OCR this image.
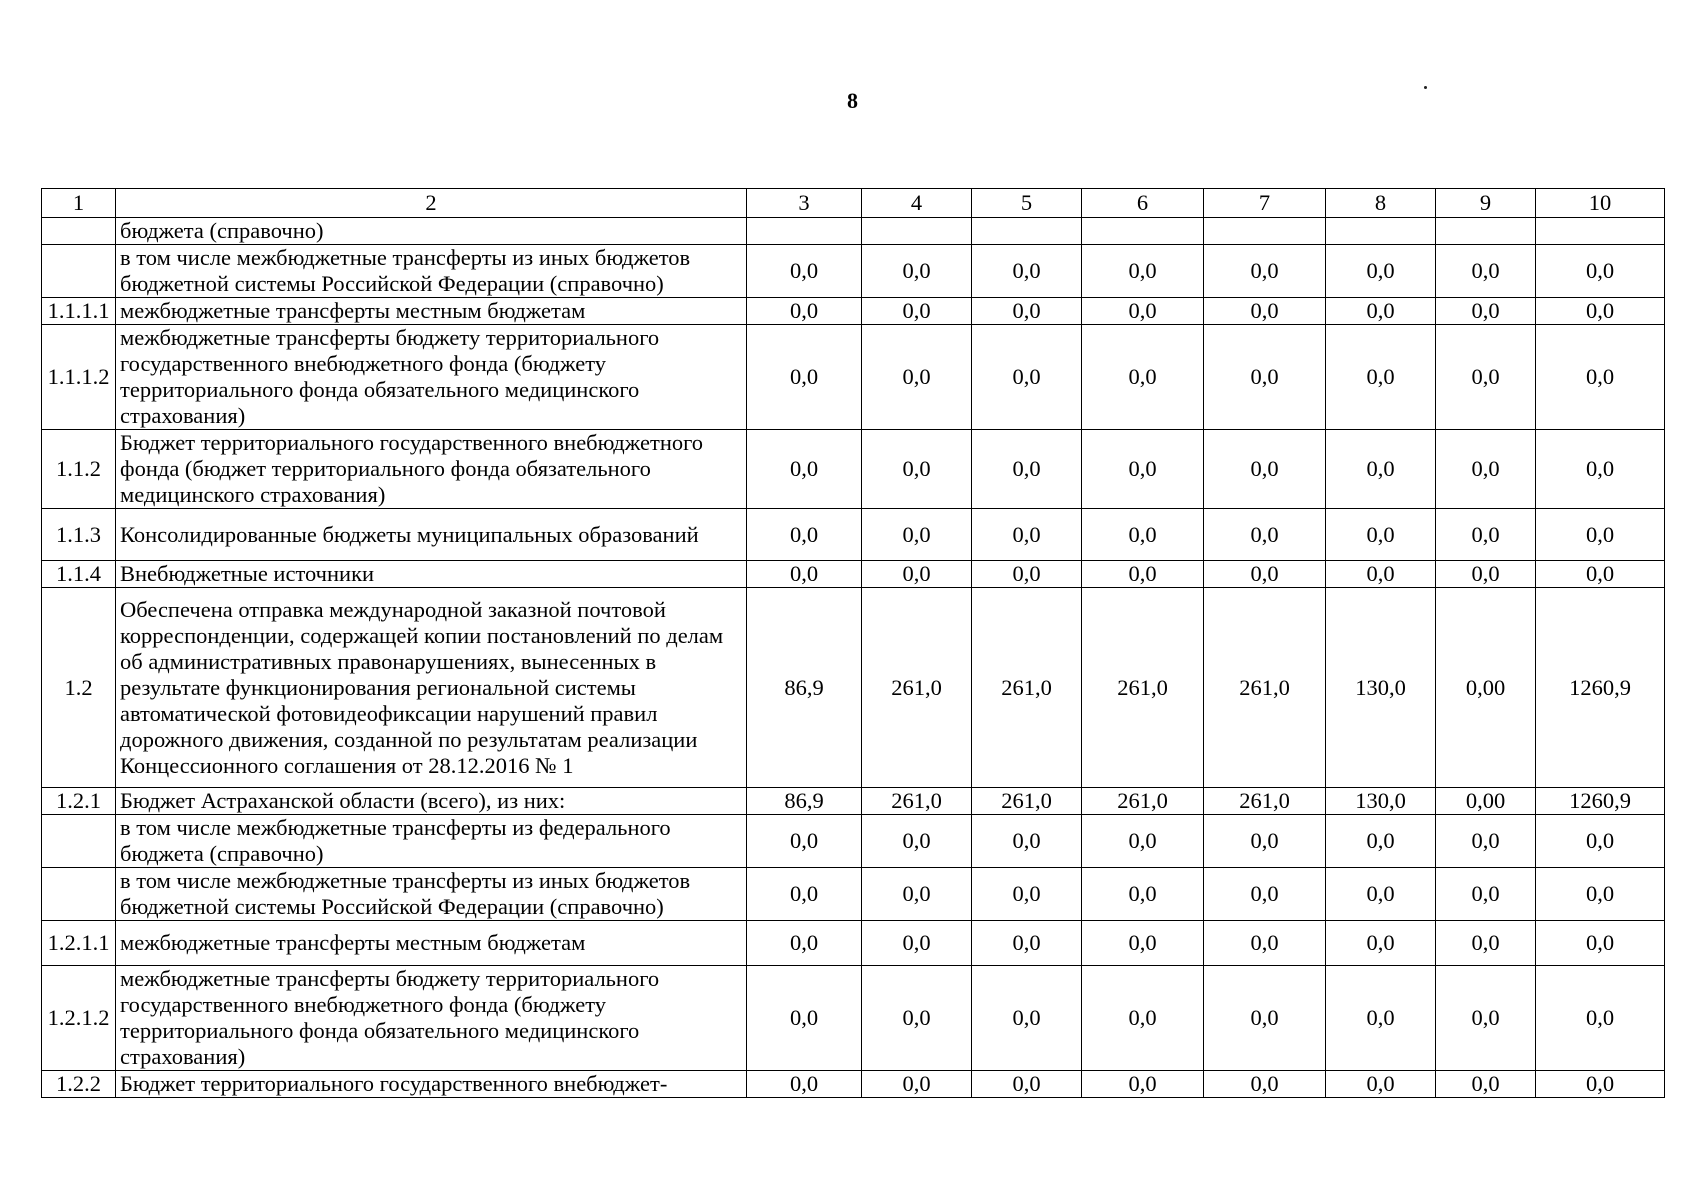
8
1	2	3	4	5	6	7	8	9	10
	бюджета (справочно)								
	в том числе межбюджетные трансферты из иных бюджетов бюджетной системы Российской Федерации (справочно)	0,0	0,0	0,0	0,0	0,0	0,0	0,0	0,0
1.1.1.1	межбюджетные трансферты местным бюджетам	0,0	0,0	0,0	0,0	0,0	0,0	0,0	0,0
1.1.1.2	межбюджетные трансферты бюджету территориального государственного внебюджетного фонда (бюджету территориального фонда обязательного медицинского страхования)	0,0	0,0	0,0	0,0	0,0	0,0	0,0	0,0
1.1.2	Бюджет территориального государственного внебюджетного фонда (бюджет территориального фонда обязательного медицинского страхования)	0,0	0,0	0,0	0,0	0,0	0,0	0,0	0,0
1.1.3	Консолидированные бюджеты муниципальных образований	0,0	0,0	0,0	0,0	0,0	0,0	0,0	0,0
1.1.4	Внебюджетные источники	0,0	0,0	0,0	0,0	0,0	0,0	0,0	0,0
1.2	Обеспечена отправка международной заказной почтовой корреспонденции, содержащей копии постановлений по делам об административных правонарушениях, вынесенных в результате функционирования региональной системы автоматической фотовидеофиксации нарушений правил дорожного движения, созданной по результатам реализации Концессионного соглашения от 28.12.2016 № 1	86,9	261,0	261,0	261,0	261,0	130,0	0,00	1260,9
1.2.1	Бюджет Астраханской области (всего), из них:	86,9	261,0	261,0	261,0	261,0	130,0	0,00	1260,9
	в том числе межбюджетные трансферты из федерального бюджета (справочно)	0,0	0,0	0,0	0,0	0,0	0,0	0,0	0,0
	в том числе межбюджетные трансферты из иных бюджетов бюджетной системы Российской Федерации (справочно)	0,0	0,0	0,0	0,0	0,0	0,0	0,0	0,0
1.2.1.1	межбюджетные трансферты местным бюджетам	0,0	0,0	0,0	0,0	0,0	0,0	0,0	0,0
1.2.1.2	межбюджетные трансферты бюджету территориального государственного внебюджетного фонда (бюджету территориального фонда обязательного медицинского страхования)	0,0	0,0	0,0	0,0	0,0	0,0	0,0	0,0
1.2.2	Бюджет территориального государственного внебюджет-	0,0	0,0	0,0	0,0	0,0	0,0	0,0	0,0
